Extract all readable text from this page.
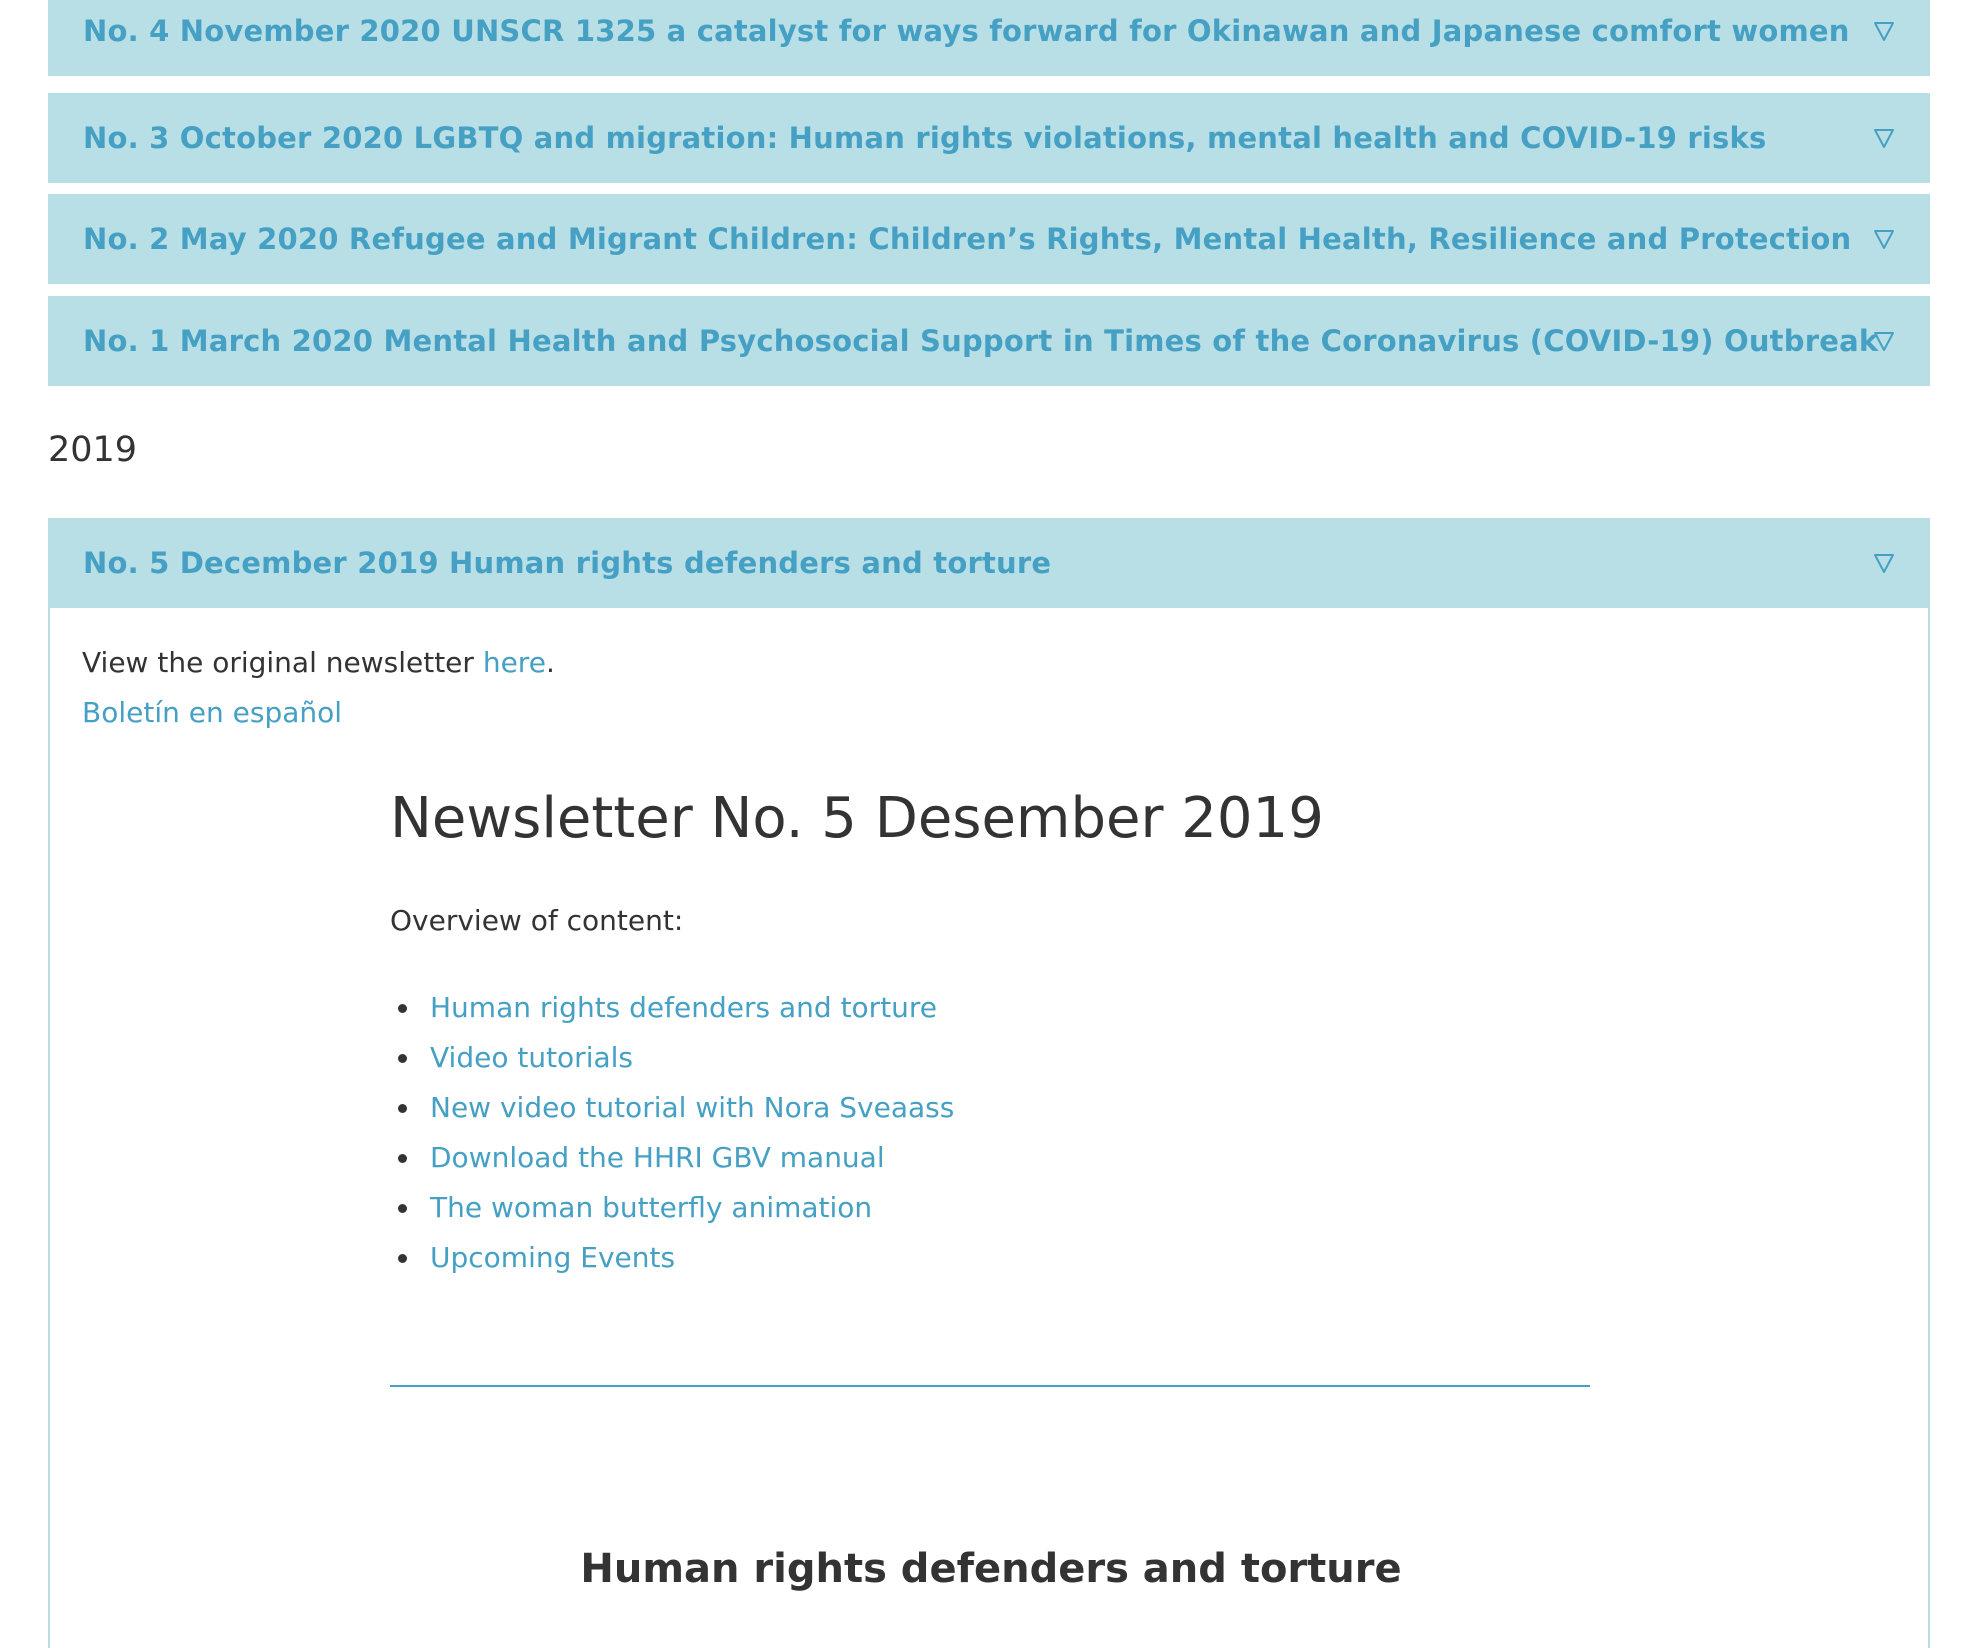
No. 4 November 2020 UNSCR 1325 a catalyst for ways forward for Okinawan and Japanese comfort women
No. 3 October 2020 LGBTQ and migration: Human rights violations, mental health and COVID-19 risks
No. 2 May 2020 Refugee and Migrant Children: Children’s Rights, Mental Health, Resilience and Protection
No. 1 March 2020 Mental Health and Psychosocial Support in Times of the Coronavirus (COVID-19) Outbreak
2019
No. 5 December 2019 Human rights defenders and torture
View the original newsletter here.
Boletín en español
Newsletter No. 5 Desember 2019

Overview of content:

Human rights defenders and torture
Video tutorials
New video tutorial with Nora Sveaass
Download the HHRI GBV manual
The woman butterfly animation
Upcoming Events
Human rights defenders and torture
